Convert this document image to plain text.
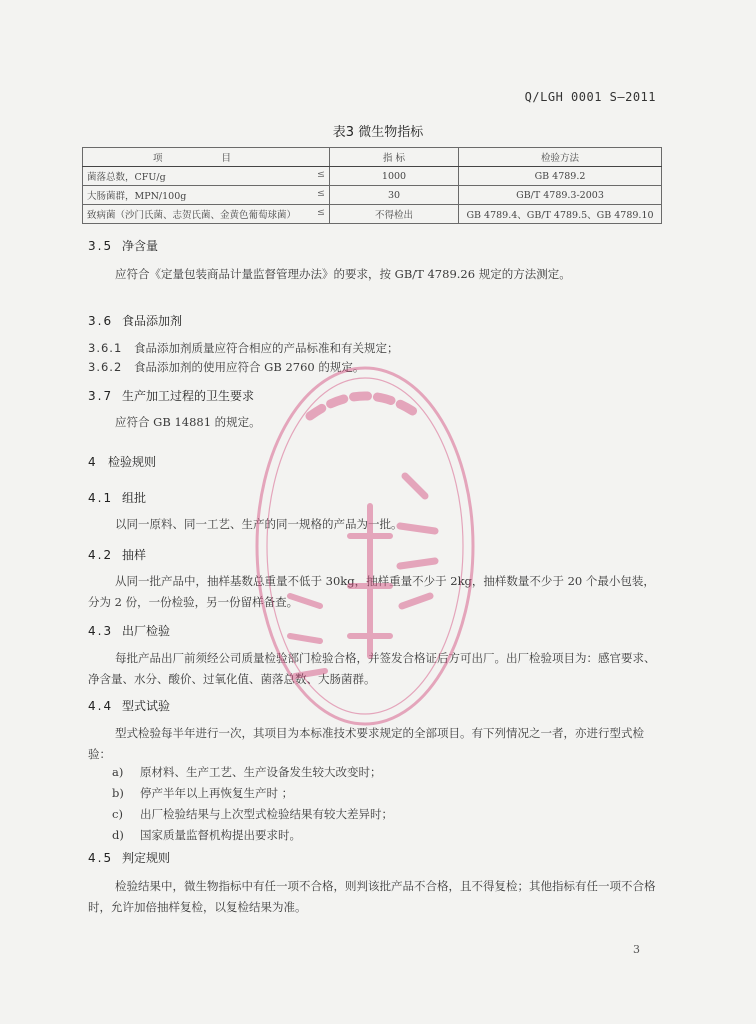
Q/LGH 0001 S—2011
表3 微生物指标
项 目	指 标	检验方法
菌落总数，CFU/g ≤	1000	GB 4789.2
大肠菌群，MPN/100g ≤	30	GB/T 4789.3-2003
致病菌（沙门氏菌、志贺氏菌、金黄色葡萄球菌） ≤	不得检出	GB 4789.4、GB/T 4789.5、GB 4789.10
3.5 净含量
应符合《定量包装商品计量监督管理办法》的要求，按 GB/T 4789.26 规定的方法测定。
3.6 食品添加剂
3.6.1 食品添加剂质量应符合相应的产品标准和有关规定；
3.6.2 食品添加剂的使用应符合 GB 2760 的规定。
3.7 生产加工过程的卫生要求
应符合 GB 14881 的规定。
4 检验规则
4.1 组批
以同一原料、同一工艺、生产的同一规格的产品为一批。
4.2 抽样
从同一批产品中，抽样基数总重量不低于 30kg，抽样重量不少于 2kg，抽样数量不少于 20 个最小包装，分为 2 份，一份检验，另一份留样备查。
4.3 出厂检验
每批产品出厂前须经公司质量检验部门检验合格，并签发合格证后方可出厂。出厂检验项目为：感官要求、净含量、水分、酸价、过氧化值、菌落总数、大肠菌群。
4.4 型式试验
型式检验每半年进行一次，其项目为本标准技术要求规定的全部项目。有下列情况之一者，亦进行型式检验：
a) 原材料、生产工艺、生产设备发生较大改变时；
b) 停产半年以上再恢复生产时 ；
c) 出厂检验结果与上次型式检验结果有较大差异时；
d) 国家质量监督机构提出要求时。
4.5 判定规则
检验结果中，微生物指标中有任一项不合格，则判该批产品不合格，且不得复检；其他指标有任一项不合格时，允许加倍抽样复检，以复检结果为准。
3
